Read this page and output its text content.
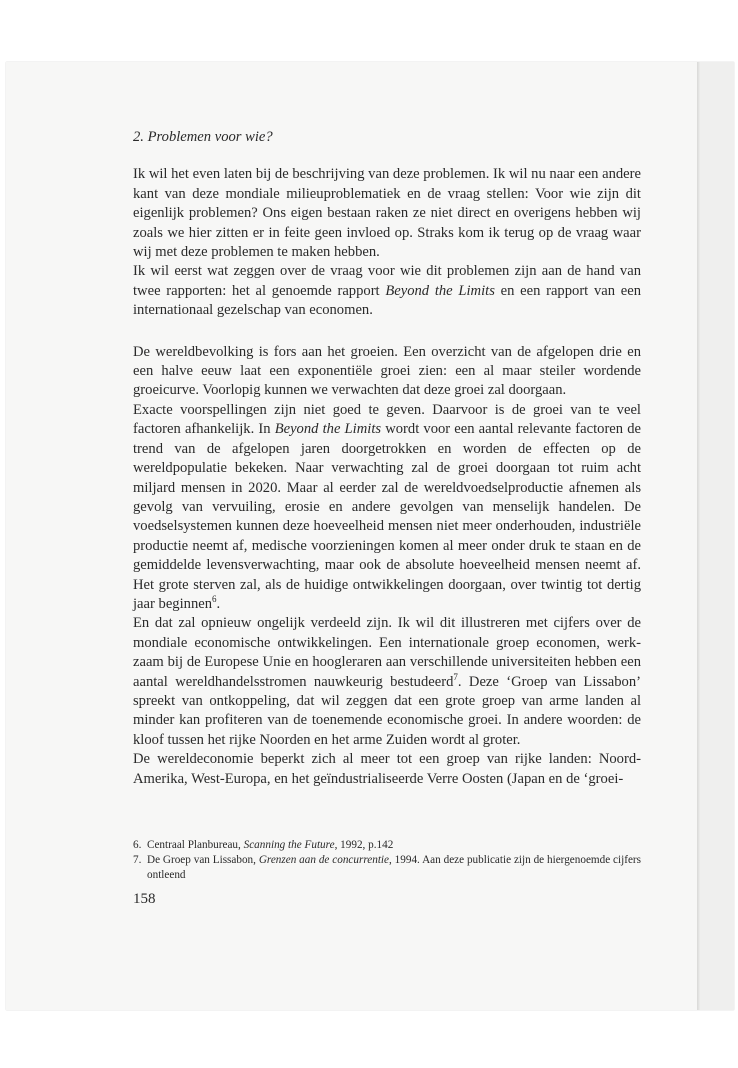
2. Problemen voor wie?

Ik wil het even laten bij de beschrijving van deze problemen. Ik wil nu naar een andere kant van deze mondiale milieuproblematiek en de vraag stellen: Voor wie zijn dit eigenlijk problemen? Ons eigen bestaan raken ze niet direct en overigens hebben wij zoals we hier zitten er in feite geen invloed op. Straks kom ik terug op de vraag waar wij met deze problemen te maken hebben.

Ik wil eerst wat zeggen over de vraag voor wie dit problemen zijn aan de hand van twee rapporten: het al genoemde rapport Beyond the Limits en een rapport van een internationaal gezelschap van economen.

De wereldbevolking is fors aan het groeien. Een overzicht van de afgelopen drie en een halve eeuw laat een exponentiële groei zien: een al maar steiler wordende groeicurve. Voorlopig kunnen we verwachten dat deze groei zal doorgaan.

Exacte voorspellingen zijn niet goed te geven. Daarvoor is de groei van te veel factoren afhankelijk. In Beyond the Limits wordt voor een aantal relevante factoren de trend van de afgelopen jaren doorgetrokken en worden de effecten op de wereldpopulatie bekeken. Naar verwachting zal de groei doorgaan tot ruim acht miljard mensen in 2020. Maar al eerder zal de wereldvoedselproductie afnemen als gevolg van vervuiling, erosie en andere gevolgen van menselijk handelen. De voedselsystemen kunnen deze hoeveelheid mensen niet meer onderhouden, industriële productie neemt af, medische voorzieningen komen al meer onder druk te staan en de gemiddelde levensverwachting, maar ook de absolute hoeveelheid mensen neemt af. Het grote sterven zal, als de huidige ontwikkelingen doorgaan, over twintig tot dertig jaar beginnen$^6$.

En dat zal opnieuw ongelijk verdeeld zijn. Ik wil dit illustreren met cijfers over de mondiale economische ontwikkelingen. Een internationale groep economen, werk-zaam bij de Europese Unie en hoogleraren aan verschillende universiteiten hebben een aantal wereldhandelsstromen nauwkeurig bestudeerd$^7$. Deze ‘Groep van Lissabon’ spreekt van ontkoppeling, dat wil zeggen dat een grote groep van arme landen al minder kan profiteren van de toenemende economische groei. In andere woorden: de kloof tussen het rijke Noorden en het arme Zuiden wordt al groter.

De wereldeconomie beperkt zich al meer tot een groep van rijke landen: Noord-Amerika, West-Europa, en het geïndustrialiseerde Verre Oosten (Japan en de ‘groei-

6. Centraal Planbureau, Scanning the Future, 1992, p.142
7. De Groep van Lissabon, Grenzen aan de concurrentie, 1994. Aan deze publicatie zijn de hiergenoemde cijfers ontleend
158
